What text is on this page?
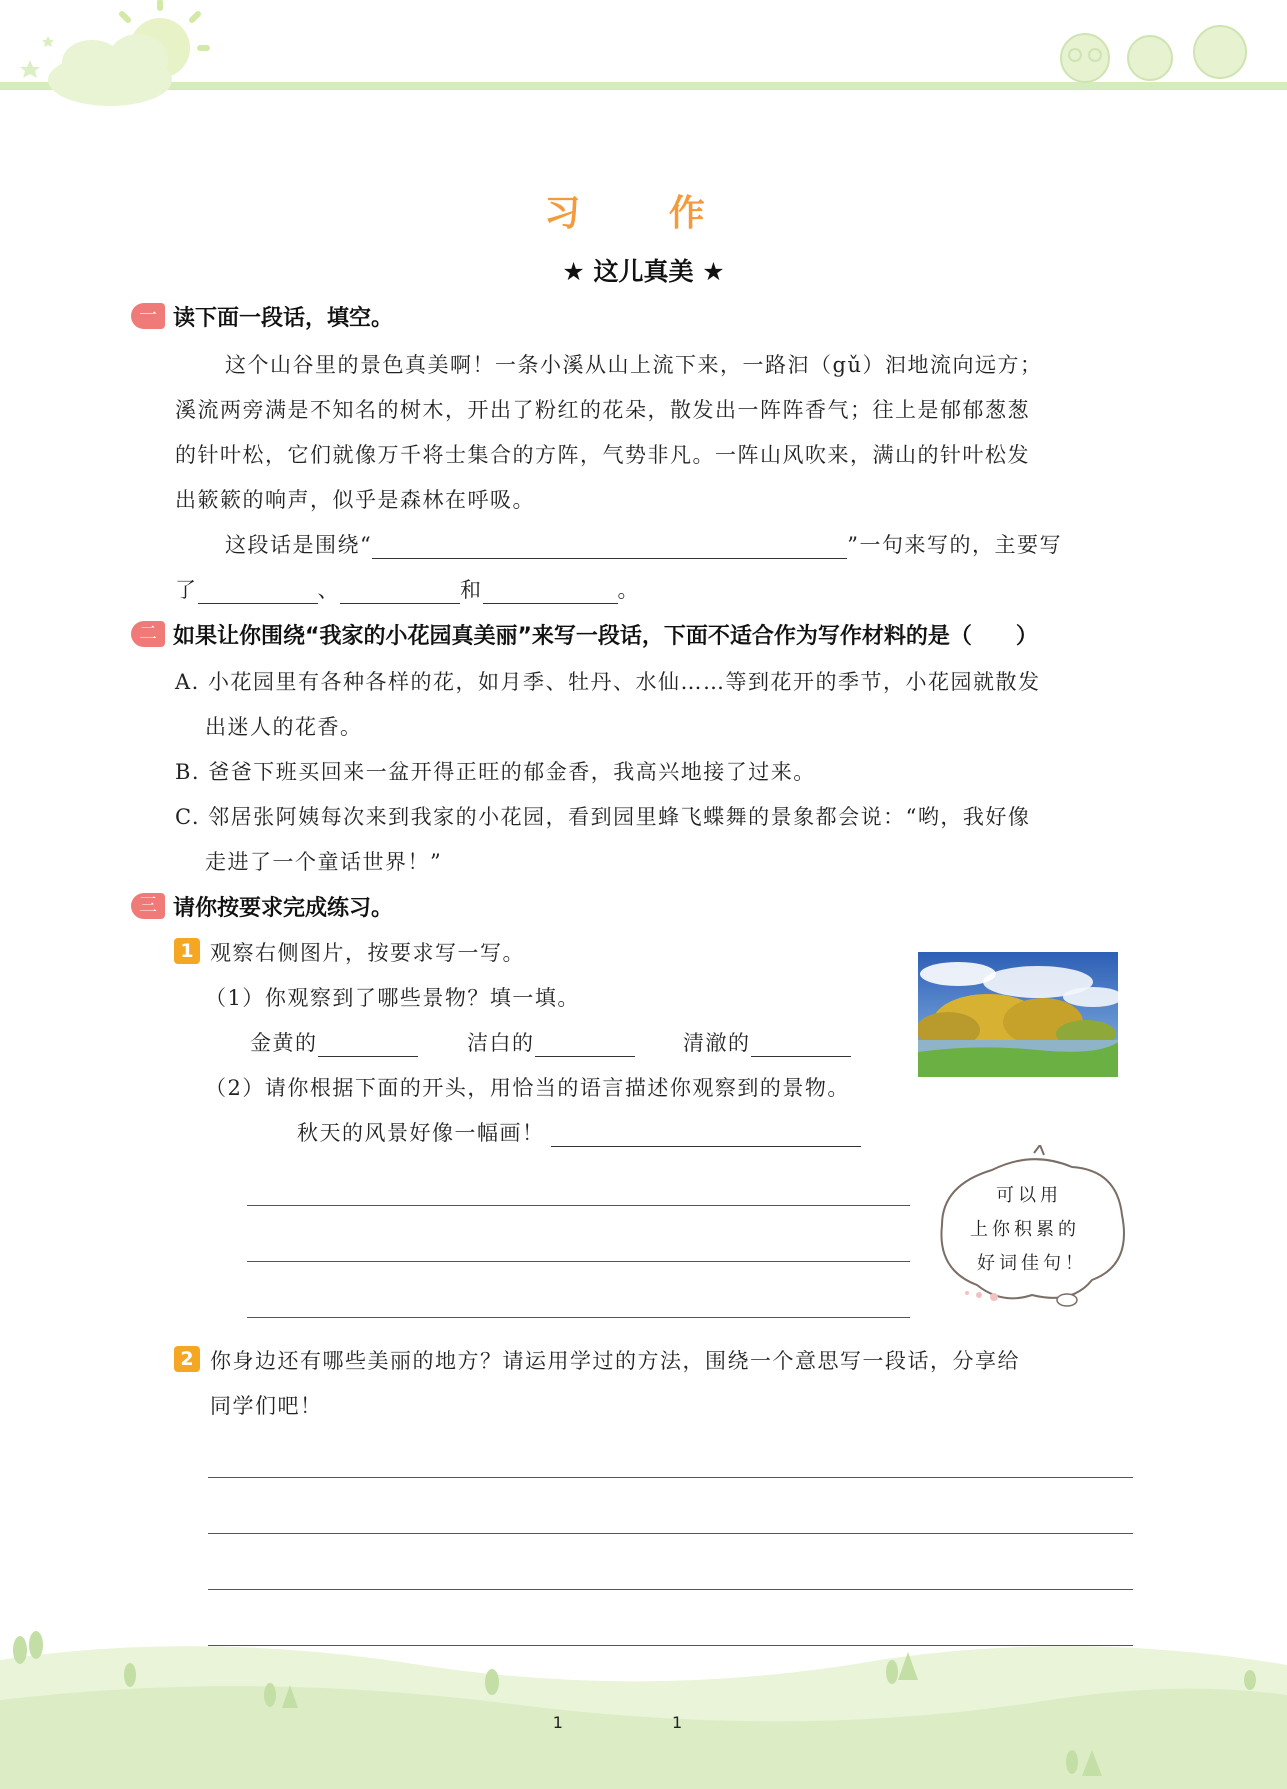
习 作
★ 这儿真美 ★
一 读下面一段话，填空。
这个山谷里的景色真美啊！一条小溪从山上流下来，一路汩（gǔ）汩地流向远方；
溪流两旁满是不知名的树木，开出了粉红的花朵，散发出一阵阵香气；往上是郁郁葱葱
的针叶松，它们就像万千将士集合的方阵，气势非凡。一阵山风吹来，满山的针叶松发
出簌簌的响声，似乎是森林在呼吸。
这段话是围绕“	”一句来写的，主要写
了	、	和	。
二 如果让你围绕“我家的小花园真美丽”来写一段话，下面不适合作为写作材料的是（　　）
A. 小花园里有各种各样的花，如月季、牡丹、水仙……等到花开的季节，小花园就散发
出迷人的花香。
B. 爸爸下班买回来一盆开得正旺的郁金香，我高兴地接了过来。
C. 邻居张阿姨每次来到我家的小花园，看到园里蜂飞蝶舞的景象都会说：“哟，我好像
走进了一个童话世界！”
三 请你按要求完成练习。
1 观察右侧图片，按要求写一写。
（1）你观察到了哪些景物？填一填。
金黄的	洁白的	清澈的
（2）请你根据下面的开头，用恰当的语言描述你观察到的景物。
秋天的风景好像一幅画！
可以用
上你积累的
好词佳句！
2 你身边还有哪些美丽的地方？请运用学过的方法，围绕一个意思写一段话，分享给
同学们吧！
1 1
